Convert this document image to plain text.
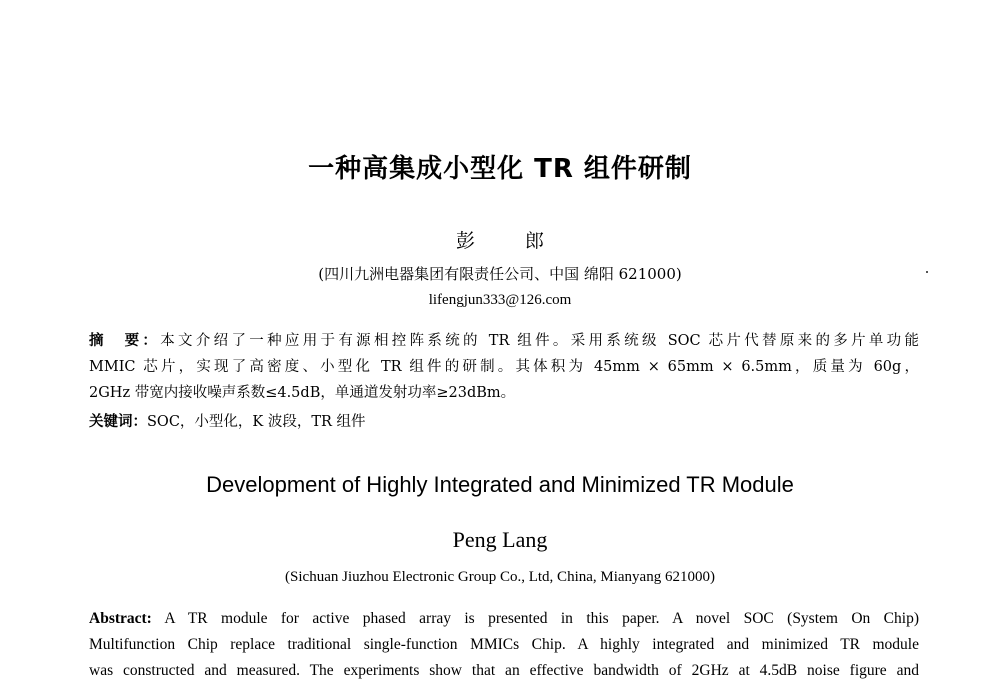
一种高集成小型化 TR 组件研制
彭 郎
(四川九洲电器集团有限责任公司、中国 绵阳 621000)
lifengjun333@126.com
摘　要：本文介绍了一种应用于有源相控阵系统的 TR 组件。采用系统级 SOC 芯片代替原来的多片单功能
MMIC 芯片，实现了高密度、小型化 TR 组件的研制。其体积为 45mm × 65mm × 6.5mm，质量为 60g，
2GHz 带宽内接收噪声系数≤4.5dB，单通道发射功率≥23dBm。
关键词：SOC，小型化，K 波段，TR 组件
Development of Highly Integrated and Minimized TR Module
Peng Lang
(Sichuan Jiuzhou Electronic Group Co., Ltd, China, Mianyang 621000)
Abstract: A TR module for active phased array is presented in this paper. A novel SOC (System On Chip)
Multifunction Chip replace traditional single-function MMICs Chip. A highly integrated and minimized TR module
was constructed and measured. The experiments show that an effective bandwidth of 2GHz at 4.5dB noise figure and
